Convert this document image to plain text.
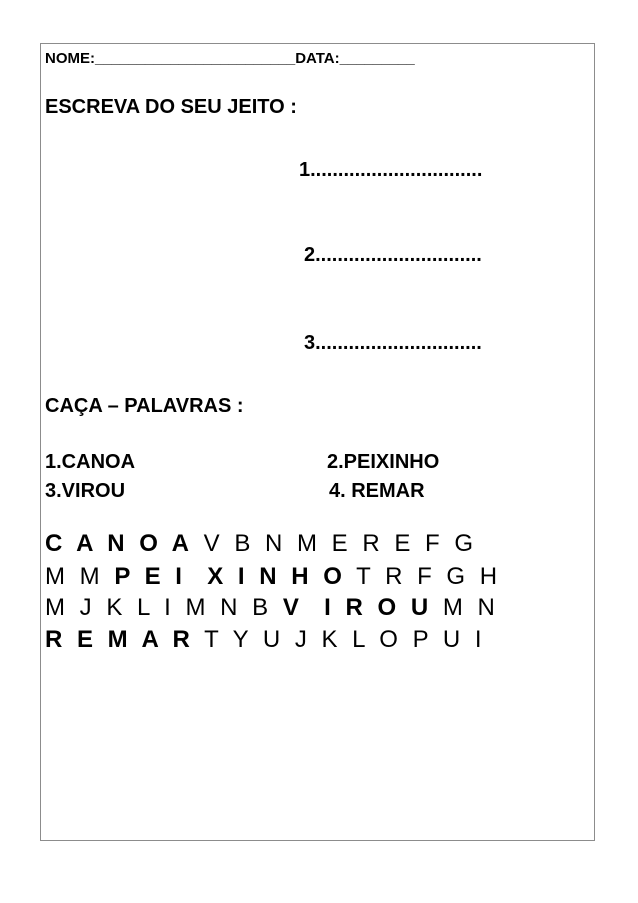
NOME:________________________DATA:_________
ESCREVA DO SEU JEITO :
1...............................
2..............................
3..............................
CAÇA – PALAVRAS :
1.CANOA	2.PEIXINHO
3.VIROU	4. REMAR
C A N O A V B N M E R E F G
M M P E I  X I N H O T R F G H
M J K L I M N B V  I R O U M N
R E M A R T Y U J K L O P U I
